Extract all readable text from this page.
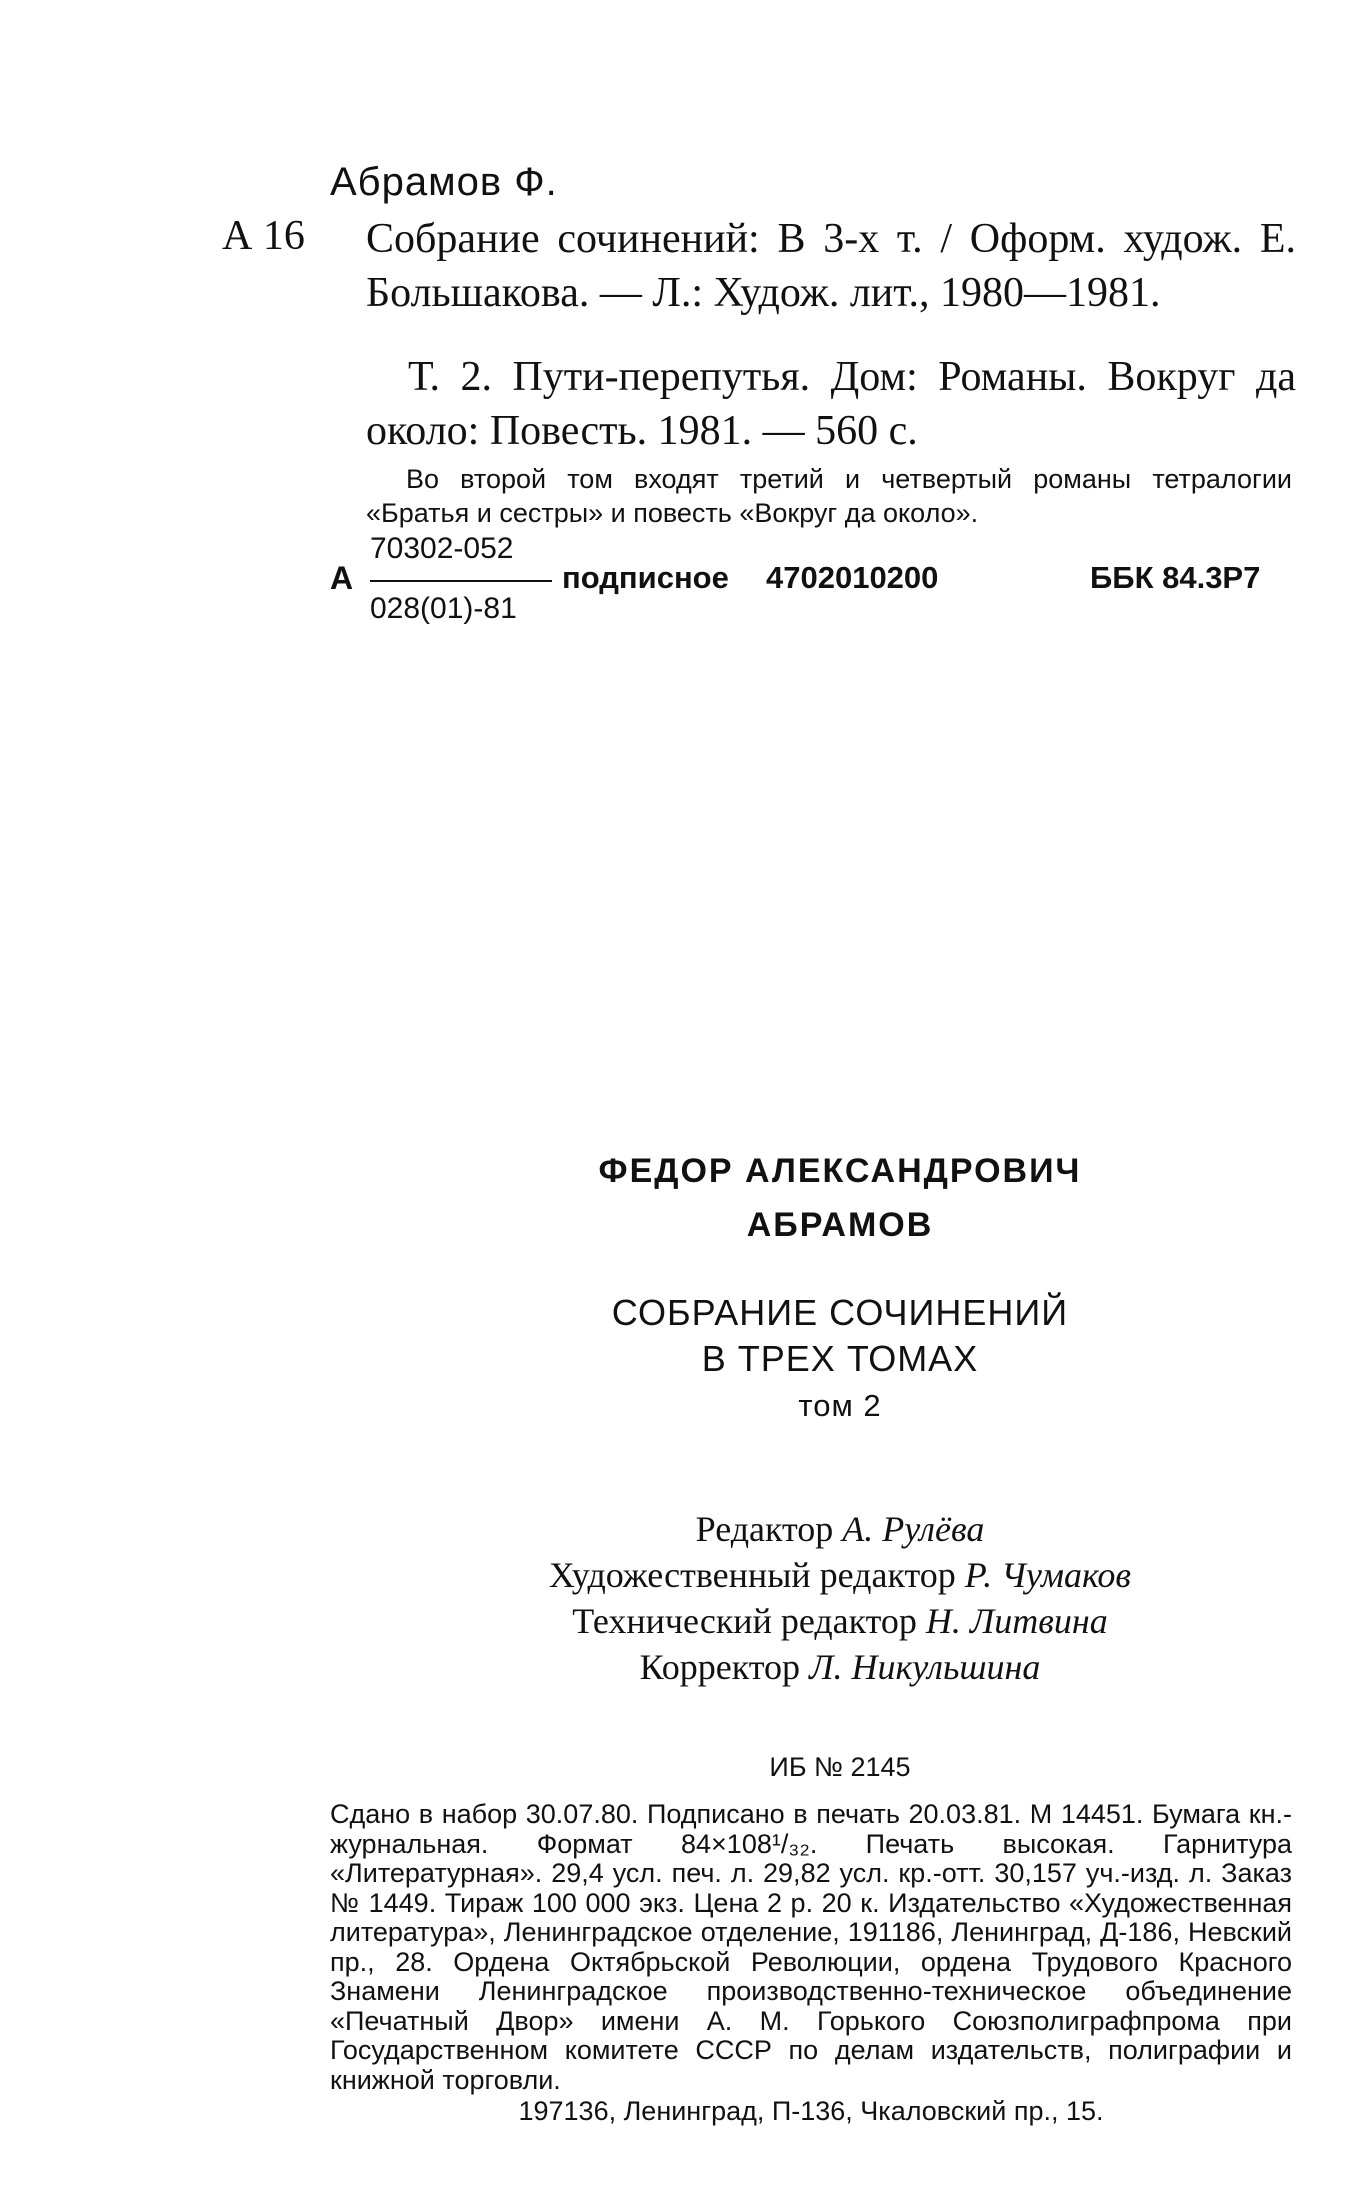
Абрамов Ф.
А 16 Собрание сочинений: В 3-х т. / Оформ. худож. Е. Большакова. — Л.: Худож. лит., 1980—1981.
Т. 2. Пути-перепутья. Дом: Романы. Вокруг да около: Повесть. 1981. — 560 с.
Во второй том входят третий и четвертый романы тетралогии «Братья и сестры» и повесть «Вокруг да около».
А
70302-052
028(01)-81
подписное 4702010200	ББК 84.3Р7
ФЕДОР АЛЕКСАНДРОВИЧ
АБРАМОВ
СОБРАНИЕ СОЧИНЕНИЙ
В ТРЕХ ТОМАХ
том 2
Редактор А. Рулёва
Художественный редактор Р. Чумаков
Технический редактор Н. Литвина
Корректор Л. Никульшина
ИБ № 2145
Сдано в набор 30.07.80. Подписано в печать 20.03.81. М 14451. Бумага кн.-журнальная. Формат 84×108¹/₃₂. Печать высокая. Гарнитура «Литературная». 29,4 усл. печ. л. 29,82 усл. кр.-отт. 30,157 уч.-изд. л. Заказ № 1449. Тираж 100 000 экз. Цена 2 р. 20 к. Издательство «Художественная литература», Ленинградское отделение, 191186, Ленинград, Д-186, Невский пр., 28. Ордена Октябрьской Революции, ордена Трудового Красного Знамени Ленинградское производственно-техническое объединение «Печатный Двор» имени А. М. Горького Союзполиграфпрома при Государственном комитете СССР по делам издательств, полиграфии и книжной торговли.
197136, Ленинград, П-136, Чкаловский пр., 15.
